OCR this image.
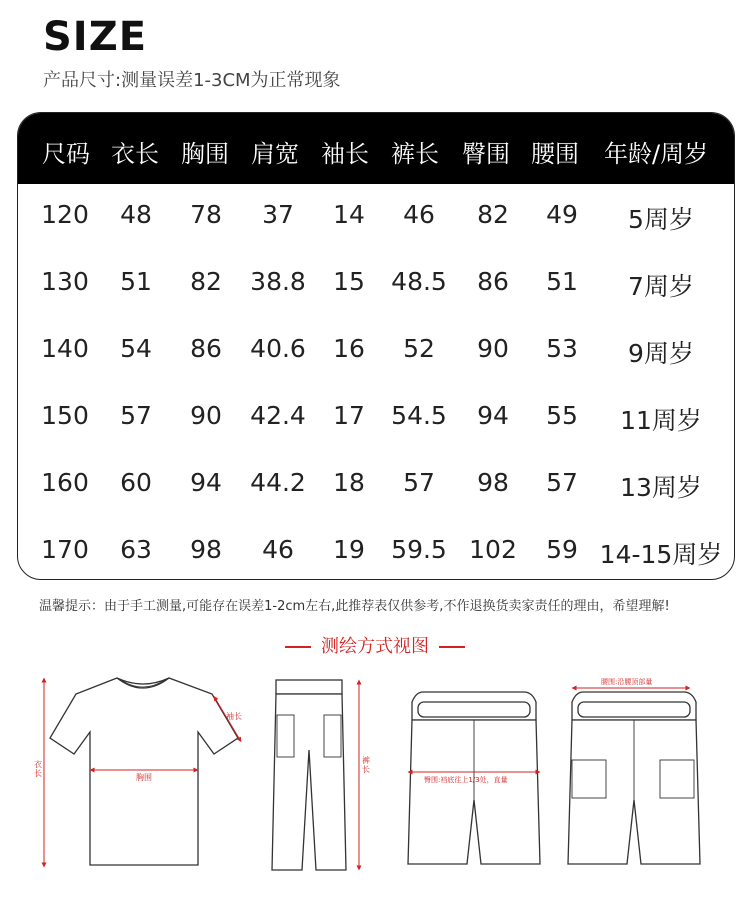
SIZE
产品尺寸:测量误差1-3CM为正常现象
尺码 衣长 胸围 肩宽 袖长 裤长 臀围 腰围 年龄/周岁
120 48 78 37 14 46 82 49 5周岁
130 51 82 38.8 15 48.5 86 51 7周岁
140 54 86 40.6 16 52 90 53 9周岁
150 57 90 42.4 17 54.5 94 55 11周岁
160 60 94 44.2 18 57 98 57 13周岁
170 63 98 46 19 59.5 102 59 14-15周岁
温馨提示：由于手工测量,可能存在误差1-2cm左右,此推荐表仅供参考,不作退换货卖家责任的理由，希望理解!
测绘方式视图
衣长	胸围
袖长
裤长
臀围:裆底往上1/3处，直量
腰围:沿腰顶部量
